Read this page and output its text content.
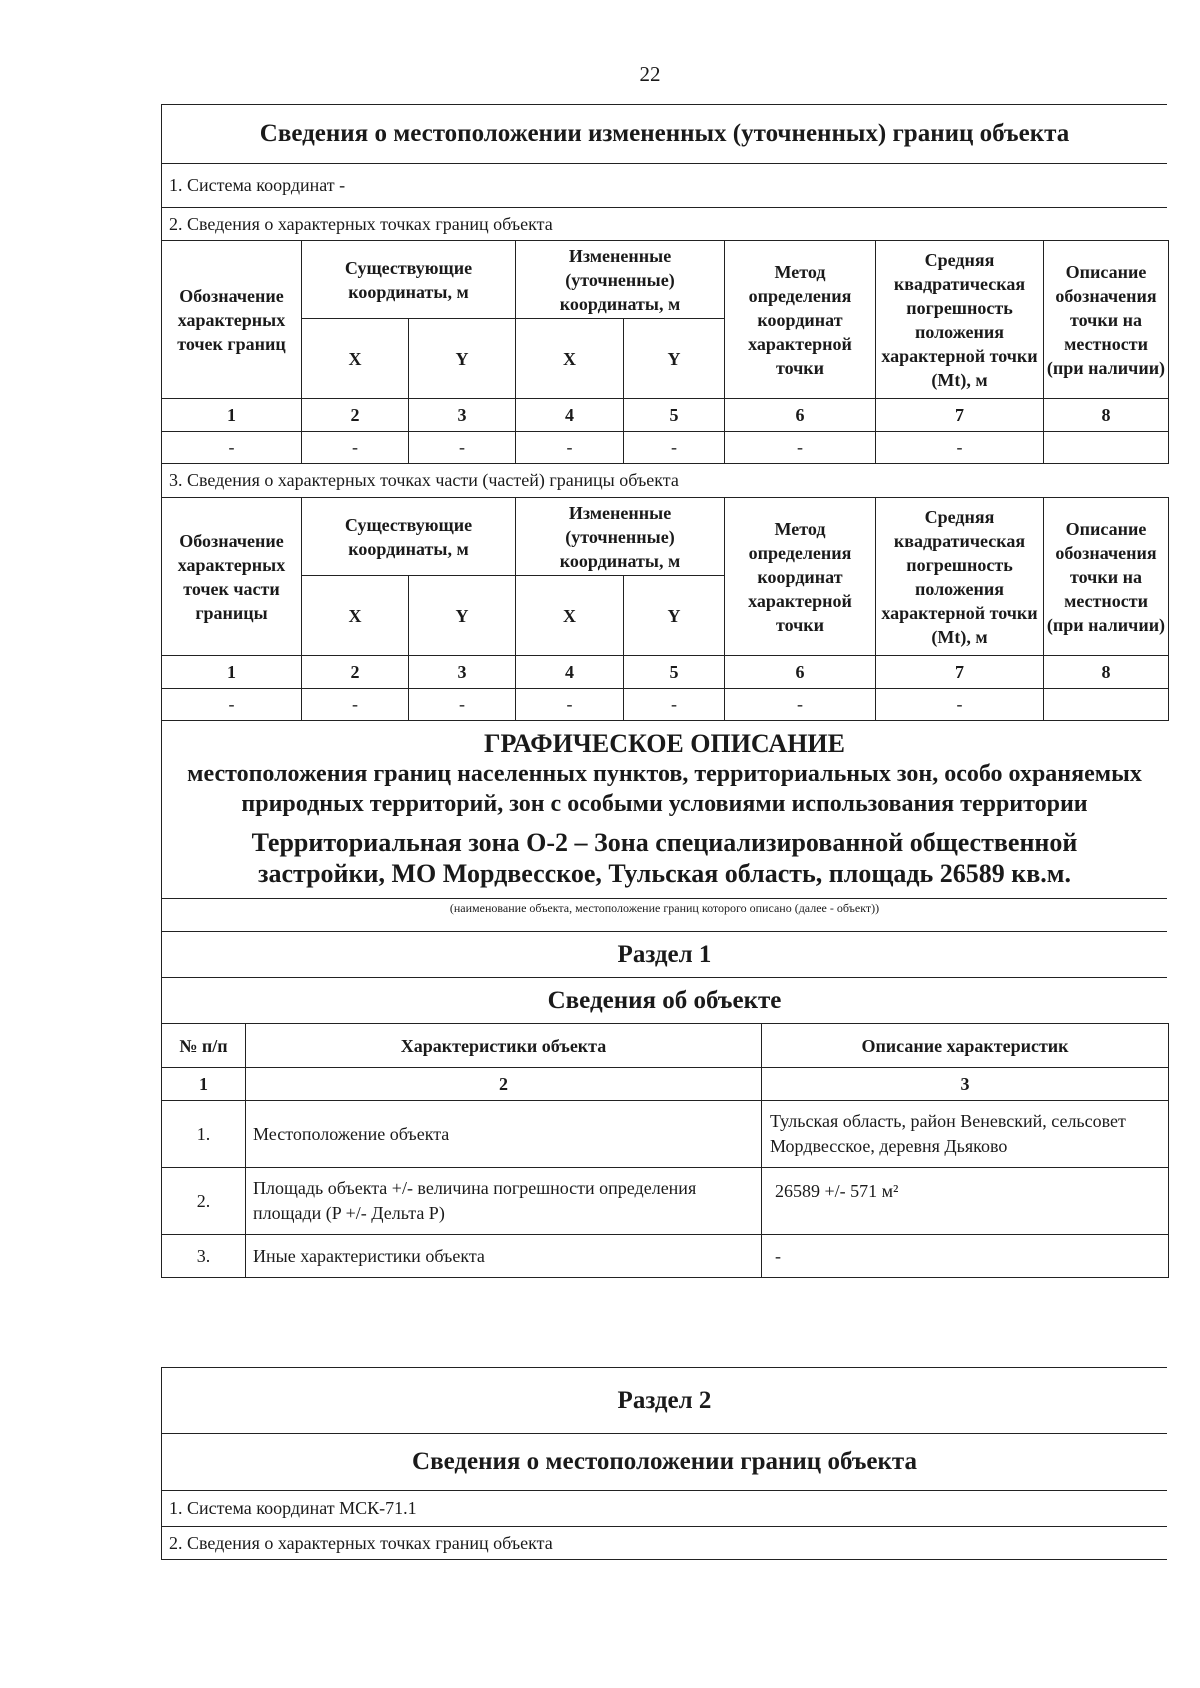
22
Сведения о местоположении измененных (уточненных) границ объекта
1. Система координат -
2. Сведения о характерных точках границ объекта
Обозначение характерных точек границ	Существующие координаты, м		Измененные (уточненные) координаты, м		Метод определения координат характерной точки	Средняя квадратическая погрешность положения характерной точки (Mt), м	Описание обозначения точки на местности (при наличии)
	X	Y	X	Y			
1	2	3	4	5	6	7	8
-	-	-	-	-	-	-	
3. Сведения о характерных точках части (частей) границы объекта
Обозначение характерных точек части границы	Существующие координаты, м		Измененные (уточненные) координаты, м		Метод определения координат характерной точки	Средняя квадратическая погрешность положения характерной точки (Mt), м	Описание обозначения точки на местности (при наличии)
	X	Y	X	Y			
1	2	3	4	5	6	7	8
-	-	-	-	-	-	-	
ГРАФИЧЕСКОЕ ОПИСАНИЕ
местоположения границ населенных пунктов, территориальных зон, особо охраняемых природных территорий, зон с особыми условиями использования территории
Территориальная зона О-2 – Зона специализированной общественной
застройки, МО Мордвесское, Тульская область, площадь 26589 кв.м.
(наименование объекта, местоположение границ которого описано (далее - объект))
Раздел 1
Сведения об объекте
№ п/п	Характеристики объекта	Описание характеристик
1	2	3
1.	Местоположение объекта	Тульская область, район Веневский, сельсовет Мордвесское, деревня Дьяково
2.	Площадь объекта +/- величина погрешности определения площади (P +/- Дельта P)	26589 +/- 571 м²
3.	Иные характеристики объекта	-
Раздел 2
Сведения о местоположении границ объекта
1. Система координат МСК-71.1
2. Сведения о характерных точках границ объекта
